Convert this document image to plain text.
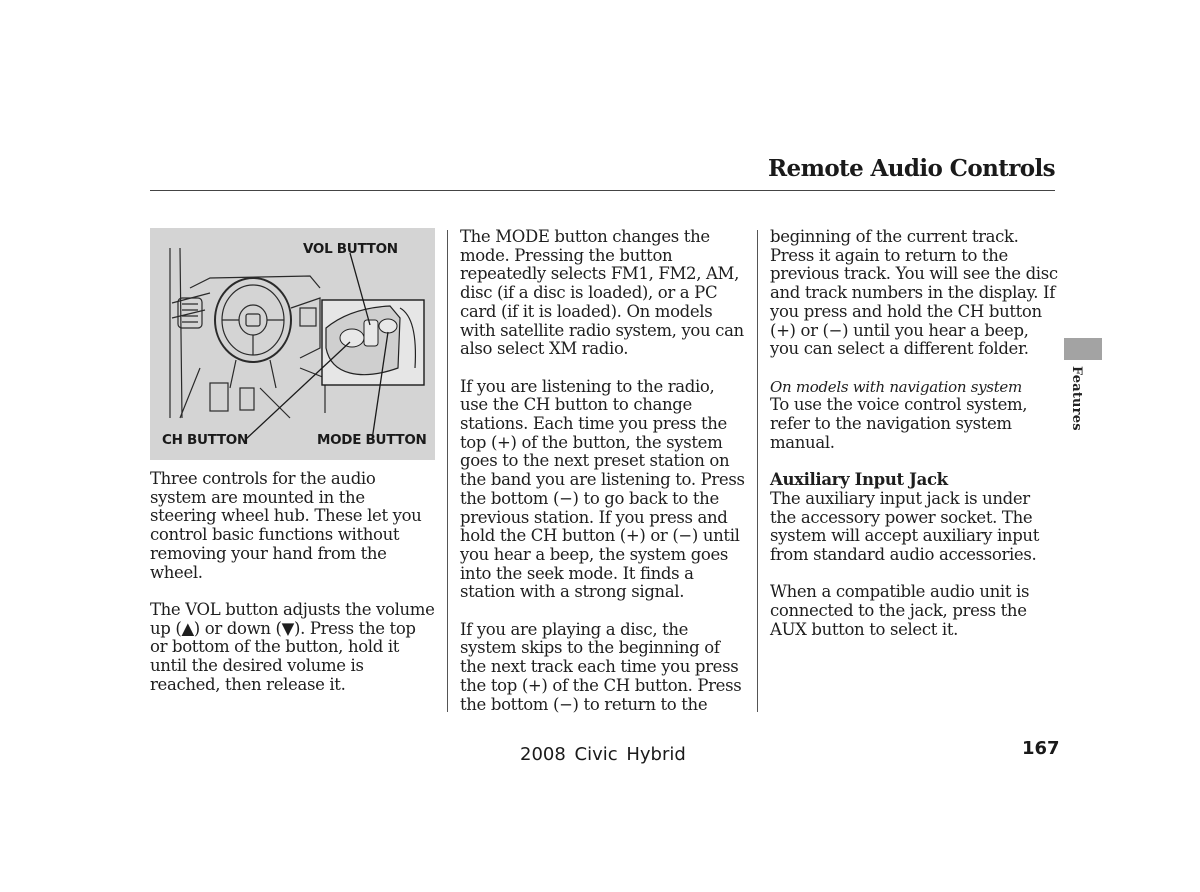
Remote Audio Controls
VOL BUTTON
CH BUTTON	MODE BUTTON

Three controls for the audio system are mounted in the steering wheel hub. These let you control basic functions without removing your hand from the wheel.

The VOL button adjusts the volume up (▲) or down (▼). Press the top or bottom of the button, hold it until the desired volume is reached, then release it.

The MODE button changes the mode. Pressing the button repeatedly selects FM1, FM2, AM, disc (if a disc is loaded), or a PC card (if it is loaded). On models with satellite radio system, you can also select XM radio.

If you are listening to the radio, use the CH button to change stations. Each time you press the top (+) of the button, the system goes to the next preset station on the band you are listening to. Press the bottom (−) to go back to the previous station. If you press and hold the CH button (+) or (−) until you hear a beep, the system goes into the seek mode. It finds a station with a strong signal.

If you are playing a disc, the system skips to the beginning of the next track each time you press the top (+) of the CH button. Press the bottom (−) to return to the

beginning of the current track. Press it again to return to the previous track. You will see the disc and track numbers in the display. If you press and hold the CH button (+) or (−) until you hear a beep, you can select a different folder.

On models with navigation system
To use the voice control system, refer to the navigation system manual.

Auxiliary Input Jack
The auxiliary input jack is under the accessory power socket. The system will accept auxiliary input from standard audio accessories.

When a compatible audio unit is connected to the jack, press the AUX button to select it.

Features
2008 Civic Hybrid	167
